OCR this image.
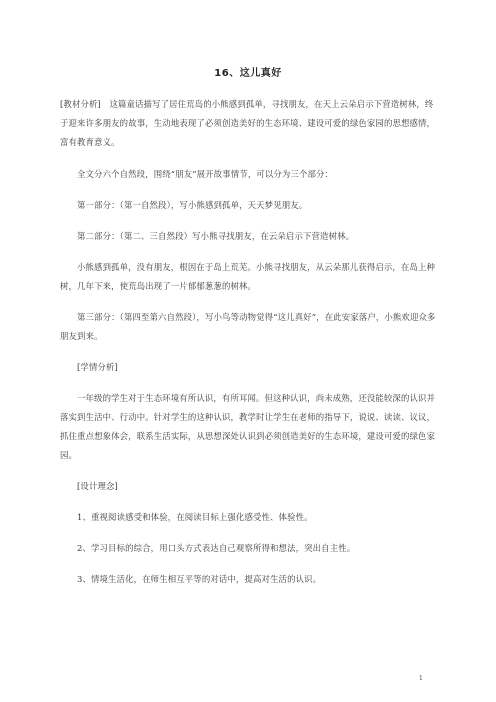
16、这儿真好
[教材分析]　这篇童话描写了居住荒岛的小熊感到孤单，寻找朋友，在天上云朵启示下营造树林，终于迎来许多朋友的故事，生动地表现了必须创造美好的生态环境、建设可爱的绿色家园的思想感情，富有教育意义。
全文分六个自然段，围绕“朋友”展开故事情节，可以分为三个部分：
第一部分：（第一自然段），写小熊感到孤单，天天梦见朋友。
第二部分：（第二、三自然段）写小熊寻找朋友，在云朵启示下营造树林。
小熊感到孤单，没有朋友，根因在于岛上荒芜。小熊寻找朋友，从云朵那儿获得启示，在岛上种树，几年下来，使荒岛出现了一片郁郁葱葱的树林。
第三部分：（第四至第六自然段），写小鸟等动物觉得“这儿真好”，在此安家落户，小熊欢迎众多朋友到来。
[学情分析]
一年级的学生对于生态环境有所认识，有所耳闻。但这种认识，尚未成熟，还没能较深的认识并落实到生活中、行动中。针对学生的这种认识，教学时让学生在老师的指导下，说说、读读、议议，抓住重点想象体会，联系生活实际，从思想深处认识到必须创造美好的生态环境，建设可爱的绿色家园。
[设计理念]
1、重视阅读感受和体验，在阅读目标上强化感受性、体验性。
2、学习目标的综合，用口头方式表达自己观察所得和想法，突出自主性。
3、情境生活化，在师生相互平等的对话中，提高对生活的认识。
1
